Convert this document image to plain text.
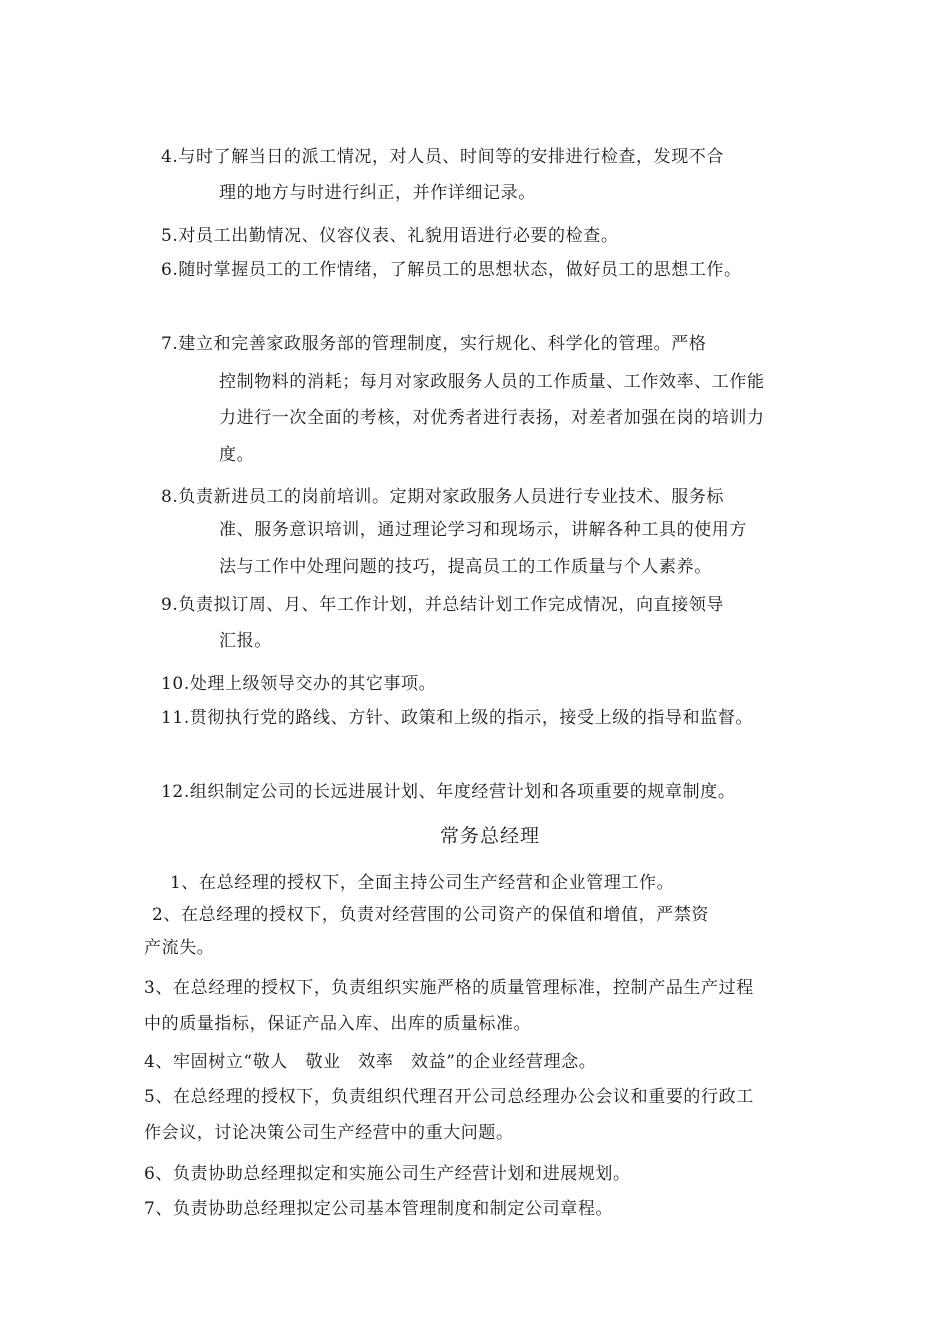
4.与时了解当日的派工情况，对人员、时间等的安排进行检查，发现不合
理的地方与时进行纠正，并作详细记录。
5.对员工出勤情况、仪容仪表、礼貌用语进行必要的检查。
6.随时掌握员工的工作情绪，了解员工的思想状态，做好员工的思想工作。
7.建立和完善家政服务部的管理制度，实行规化、科学化的管理。严格
控制物料的消耗；每月对家政服务人员的工作质量、工作效率、工作能
力进行一次全面的考核，对优秀者进行表扬，对差者加强在岗的培训力
度。
8.负责新进员工的岗前培训。定期对家政服务人员进行专业技术、服务标
准、服务意识培训，通过理论学习和现场示，讲解各种工具的使用方
法与工作中处理问题的技巧，提高员工的工作质量与个人素养。
9.负责拟订周、月、年工作计划，并总结计划工作完成情况，向直接领导
汇报。
10.处理上级领导交办的其它事项。
11.贯彻执行党的路线、方针、政策和上级的指示，接受上级的指导和监督。
12.组织制定公司的长远进展计划、年度经营计划和各项重要的规章制度。
常务总经理
1、在总经理的授权下，全面主持公司生产经营和企业管理工作。
2、在总经理的授权下，负责对经营围的公司资产的保值和增值，严禁资
产流失。
3、在总经理的授权下，负责组织实施严格的质量管理标准，控制产品生产过程
中的质量指标，保证产品入库、出库的质量标准。
4、牢固树立“敬人　敬业　效率　效益”的企业经营理念。
5、在总经理的授权下，负责组织代理召开公司总经理办公会议和重要的行政工
作会议，讨论决策公司生产经营中的重大问题。
6、负责协助总经理拟定和实施公司生产经营计划和进展规划。
7、负责协助总经理拟定公司基本管理制度和制定公司章程。
